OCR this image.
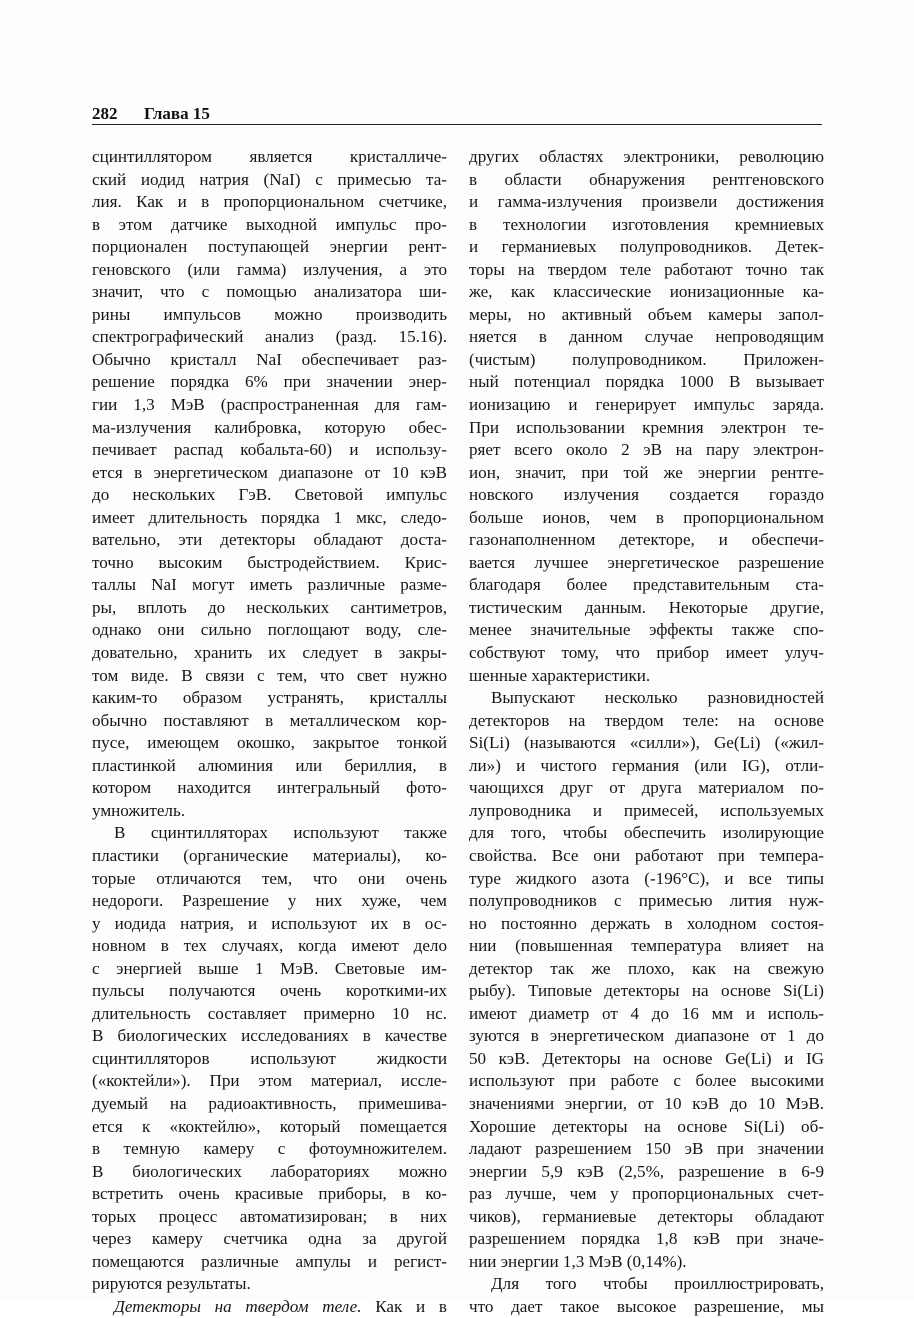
282 Глава 15
сцинтиллятором является кристалличе-
ский иодид натрия (NaI) с примесью та-
лия. Как и в пропорциональном счетчике,
в этом датчике выходной импульс про-
порционален поступающей энергии рент-
геновского (или гамма) излучения, а это
значит, что с помощью анализатора ши-
рины импульсов можно производить
спектрографический анализ (разд. 15.16).
Обычно кристалл NaI обеспечивает раз-
решение порядка 6% при значении энер-
гии 1,3 МэВ (распространенная для гам-
ма-излучения калибровка, которую обес-
печивает распад кобальта-60) и использу-
ется в энергетическом диапазоне от 10 кэВ
до нескольких ГэВ. Световой импульс
имеет длительность порядка 1 мкс, следо-
вательно, эти детекторы обладают доста-
точно высоким быстродействием. Крис-
таллы NaI могут иметь различные разме-
ры, вплоть до нескольких сантиметров,
однако они сильно поглощают воду, сле-
довательно, хранить их следует в закры-
том виде. В связи с тем, что свет нужно
каким-то образом устранять, кристаллы
обычно поставляют в металлическом кор-
пусе, имеющем окошко, закрытое тонкой
пластинкой алюминия или бериллия, в
котором находится интегральный фото-
умножитель.
В сцинтилляторах используют также
пластики (органические материалы), ко-
торые отличаются тем, что они очень
недороги. Разрешение у них хуже, чем
у иодида натрия, и используют их в ос-
новном в тех случаях, когда имеют дело
с энергией выше 1 МэВ. Световые им-
пульсы получаются очень короткими-их
длительность составляет примерно 10 нс.
В биологических исследованиях в качестве
сцинтилляторов используют жидкости
(«коктейли»). При этом материал, иссле-
дуемый на радиоактивность, примешива-
ется к «коктейлю», который помещается
в темную камеру с фотоумножителем.
В биологических лабораториях можно
встретить очень красивые приборы, в ко-
торых процесс автоматизирован; в них
через камеру счетчика одна за другой
помещаются различные ампулы и регист-
рируются результаты.
Детекторы на твердом теле. Как и в
других областях электроники, революцию
в области обнаружения рентгеновского
и гамма-излучения произвели достижения
в технологии изготовления кремниевых
и германиевых полупроводников. Детек-
торы на твердом теле работают точно так
же, как классические ионизационные ка-
меры, но активный объем камеры запол-
няется в данном случае непроводящим
(чистым) полупроводником. Приложен-
ный потенциал порядка 1000 В вызывает
ионизацию и генерирует импульс заряда.
При использовании кремния электрон те-
ряет всего около 2 эВ на пару электрон-
ион, значит, при той же энергии рентге-
новского излучения создается гораздо
больше ионов, чем в пропорциональном
газонаполненном детекторе, и обеспечи-
вается лучшее энергетическое разрешение
благодаря более представительным ста-
тистическим данным. Некоторые другие,
менее значительные эффекты также спо-
собствуют тому, что прибор имеет улуч-
шенные характеристики.
Выпускают несколько разновидностей
детекторов на твердом теле: на основе
Si(Li) (называются «силли»), Ge(Li) («жил-
ли») и чистого германия (или IG), отли-
чающихся друг от друга материалом по-
лупроводника и примесей, используемых
для того, чтобы обеспечить изолирующие
свойства. Все они работают при темпера-
туре жидкого азота (-196°С), и все типы
полупроводников с примесью лития нуж-
но постоянно держать в холодном состоя-
нии (повышенная температура влияет на
детектор так же плохо, как на свежую
рыбу). Типовые детекторы на основе Si(Li)
имеют диаметр от 4 до 16 мм и исполь-
зуются в энергетическом диапазоне от 1 до
50 кэВ. Детекторы на основе Ge(Li) и IG
используют при работе с более высокими
значениями энергии, от 10 кэВ до 10 МэВ.
Хорошие детекторы на основе Si(Li) об-
ладают разрешением 150 эВ при значении
энергии 5,9 кэВ (2,5%, разрешение в 6-9
раз лучше, чем у пропорциональных счет-
чиков), германиевые детекторы обладают
разрешением порядка 1,8 кэВ при значе-
нии энергии 1,3 МэВ (0,14%).
Для того чтобы проиллюстрировать,
что дает такое высокое разрешение, мы
